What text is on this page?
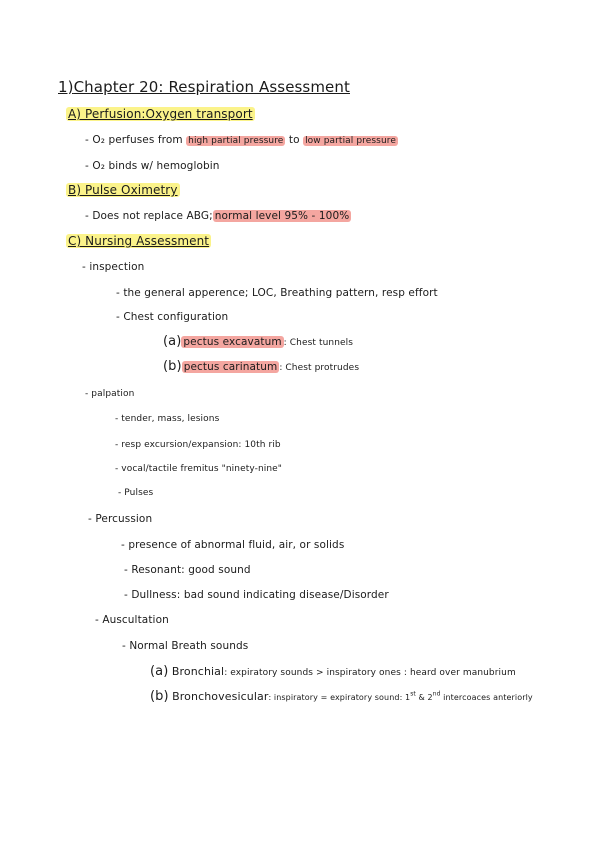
1)Chapter 20: Respiration Assessment
A) Perfusion:Oxygen transport
- O₂ perfuses from high partial pressure to low partial pressure
- O₂ binds w/ hemoglobin
B) Pulse Oximetry
- Does not replace ABG; normal level 95% - 100%
C) Nursing Assessment
- inspection
- the general apperence; LOC, Breathing pattern, resp effort
- Chest configuration
(a) pectus excavatum : Chest tunnels
(b) pectus carinatum : Chest protrudes
- palpation
- tender, mass, lesions
- resp excursion/expansion: 10th rib
- vocal/tactile fremitus "ninety-nine"
- Pulses
- Percussion
- presence of abnormal fluid, air, or solids
- Resonant: good sound
- Dullness: bad sound indicating disease/Disorder
- Auscultation
- Normal Breath sounds
(a) Bronchial: expiratory sounds > inspiratory ones : heard over manubrium
(b) Bronchovesicular: inspiratory = expiratory sound: 1st & 2nd intercoaces anteriorly
